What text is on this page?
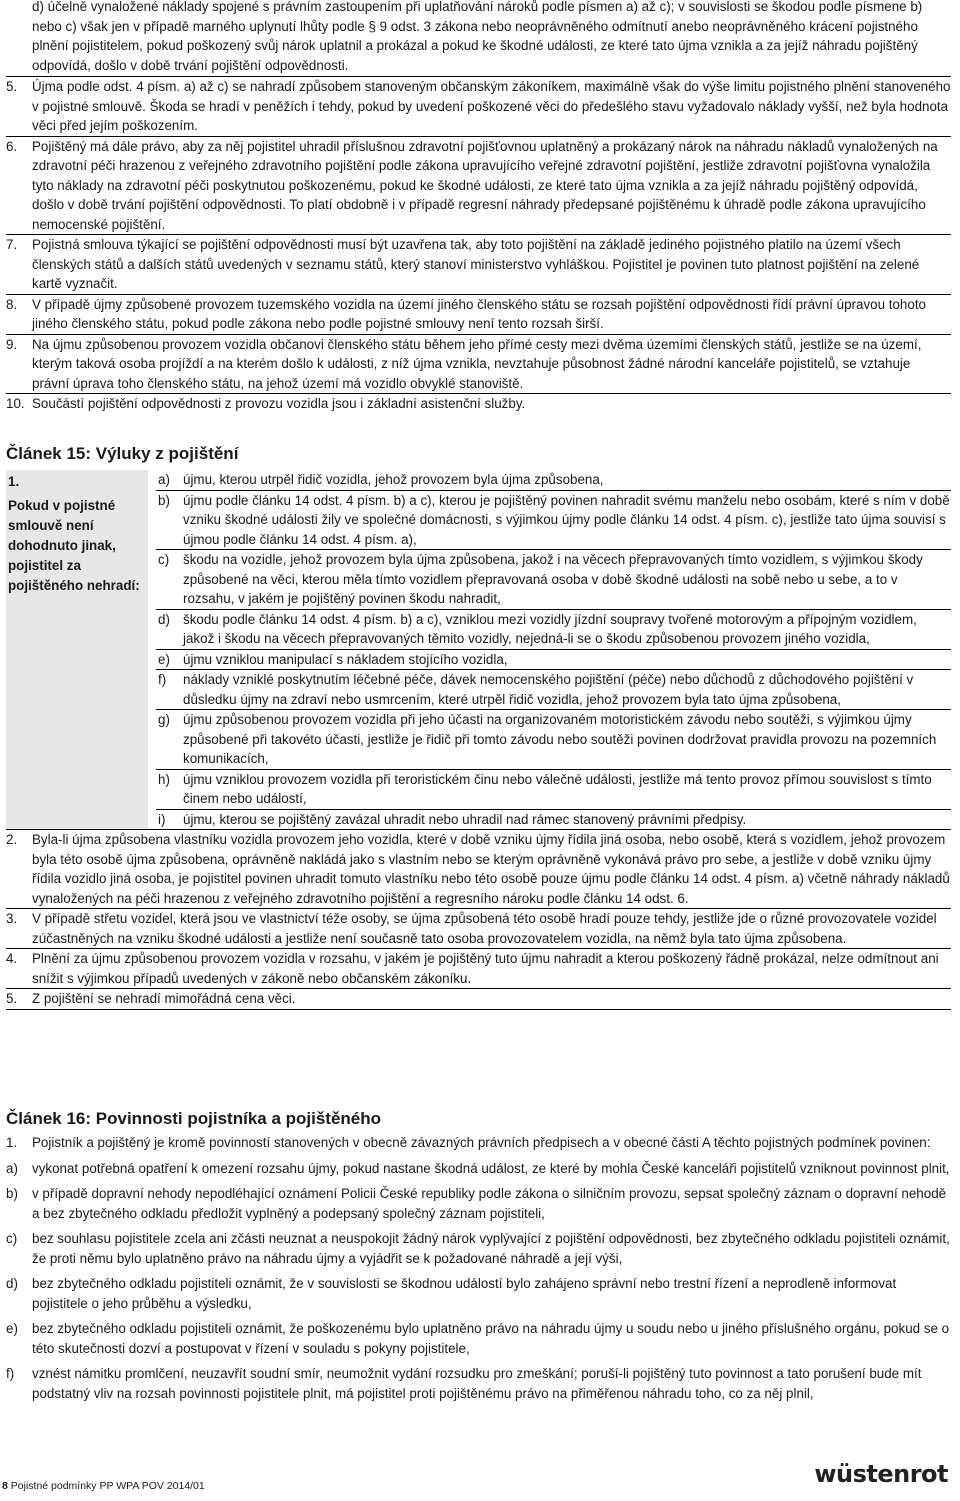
d) účelně vynaložené náklady spojené s právním zastoupením při uplatňování nároků podle písmen a) až c); v souvislosti se škodou podle písmene b) nebo c) však jen v případě marného uplynutí lhůty podle § 9 odst. 3 zákona nebo neoprávněného odmítnutí anebo neoprávněného krácení pojistného plnění pojistitelem, pokud poškozený svůj nárok uplatnil a prokázal a pokud ke škodné události, ze které tato újma vznikla a za jejíž náhradu pojištěný odpovídá, došlo v době trvání pojištění odpovědnosti.
5.	Újma podle odst. 4 písm. a) až c) se nahradí způsobem stanoveným občanským zákoníkem, maximálně však do výše limitu pojistného plnění stanoveného v pojistné smlouvě. Škoda se hradí v peněžích i tehdy, pokud by uvedení poškozené věci do předešlého stavu vyžadovalo náklady vyšší, než byla hodnota věci před jejím poškozením.
6.	Pojištěný má dále právo, aby za něj pojistitel uhradil příslušnou zdravotní pojišťovnou uplatněný a prokázaný nárok na náhradu nákladů vynaložených na zdravotní péči hrazenou z veřejného zdravotního pojištění podle zákona upravujícího veřejné zdravotní pojištění, jestliže zdravotní pojišťovna vynaložila tyto náklady na zdravotní péči poskytnutou poškozenému, pokud ke škodné události, ze které tato újma vznikla a za jejíž náhradu pojištěný odpovídá, došlo v době trvání pojištění odpovědnosti. To platí obdobně i v případě regresní náhrady předepsané pojištěnému k úhradě podle zákona upravujícího nemocenské pojištění.
7.	Pojistná smlouva týkající se pojištění odpovědnosti musí být uzavřena tak, aby toto pojištění na základě jediného pojistného platilo na území všech členských států a dalších států uvedených v seznamu států, který stanoví ministerstvo vyhláškou. Pojistitel je povinen tuto platnost pojištění na zelené kartě vyznačit.
8.	V případě újmy způsobené provozem tuzemského vozidla na území jiného členského státu se rozsah pojištění odpovědnosti řídí právní úpravou tohoto jiného členského státu, pokud podle zákona nebo podle pojistné smlouvy není tento rozsah širší.
9.	Na újmu způsobenou provozem vozidla občanovi členského státu během jeho přímé cesty mezi dvěma územími členských států, jestliže se na území, kterým taková osoba projíždí a na kterém došlo k události, z níž újma vznikla, nevztahuje působnost žádné národní kanceláře pojistitelů, se vztahuje právní úprava toho členského státu, na jehož území má vozidlo obvyklé stanoviště.
10. Součástí pojištění odpovědnosti z provozu vozidla jsou i základní asistenční služby.
Článek 15: Výluky z pojištění
1.
Pokud v pojistné smlouvě není dohodnuto jinak, pojistitel za pojištěného nehradí:
a) újmu, kterou utrpěl řidič vozidla, jehož provozem byla újma způsobena,
b) újmu podle článku 14 odst. 4 písm. b) a c), kterou je pojištěný povinen nahradit svému manželu nebo osobám, které s ním v době vzniku škodné události žily ve společné domácnosti, s výjimkou újmy podle článku 14 odst. 4 písm. c), jestliže tato újma souvisí s újmou podle článku 14 odst. 4 písm. a),
c)	škodu na vozidle, jehož provozem byla újma způsobena, jakož i na věcech přepravovaných tímto vozidlem, s výjimkou škody způsobené na věci, kterou měla tímto vozidlem přepravovaná osoba v době škodné události na sobě nebo u sebe, a to v rozsahu, v jakém je pojištěný povinen škodu nahradit,
d) škodu podle článku 14 odst. 4 písm. b) a c), vzniklou mezi vozidly jízdní soupravy tvořené motorovým a přípojným vozidlem, jakož i škodu na věcech přepravovaných těmito vozidly, nejedná-li se o škodu způsobenou provozem jiného vozidla,
e) újmu vzniklou manipulací s nákladem stojícího vozidla,
f)	náklady vzniklé poskytnutím léčebné péče, dávek nemocenského pojištění (péče) nebo důchodů z důchodového pojištění v důsledku újmy na zdraví nebo usmrcením, které utrpěl řidič vozidla, jehož provozem byla tato újma způsobena,
g) újmu způsobenou provozem vozidla při jeho účasti na organizovaném motoristickém závodu nebo soutěži, s výjimkou újmy způsobené při takovéto účasti, jestliže je řidič při tomto závodu nebo soutěži povinen dodržovat pravidla provozu na pozemních komunikacích,
h) újmu vzniklou provozem vozidla při teroristickém činu nebo válečné události, jestliže má tento provoz přímou souvislost s tímto činem nebo událostí,
i)	újmu, kterou se pojištěný zavázal uhradit nebo uhradil nad rámec stanovený právními předpisy.
2.	Byla-li újma způsobena vlastníku vozidla provozem jeho vozidla, které v době vzniku újmy řídila jiná osoba, nebo osobě, která s vozidlem, jehož provozem byla této osobě újma způsobena, oprávněně nakládá jako s vlastním nebo se kterým oprávněně vykonává právo pro sebe, a jestliže v době vzniku újmy řídila vozidlo jiná osoba, je pojistitel povinen uhradit tomuto vlastníku nebo této osobě pouze újmu podle článku 14 odst. 4 písm. a) včetně náhrady nákladů vynaložených na péči hrazenou z veřejného zdravotního pojištění a regresního nároku podle článku 14 odst. 6.
3.	V případě střetu vozidel, která jsou ve vlastnictví téže osoby, se újma způsobená této osobě hradí pouze tehdy, jestliže jde o různé provozovatele vozidel zúčastněných na vzniku škodné události a jestliže není současně tato osoba provozovatelem vozidla, na němž byla tato újma způsobena.
4.	Plnění za újmu způsobenou provozem vozidla v rozsahu, v jakém je pojištěný tuto újmu nahradit a kterou poškozený řádně prokázal, nelze odmítnout ani snížit s výjimkou případů uvedených v zákoně nebo občanském zákoníku.
5.	Z pojištění se nehradí mimořádná cena věci.
Článek 16: Povinnosti pojistníka a pojištěného
1.	Pojistník a pojištěný je kromě povinností stanovených v obecně závazných právních předpisech a v obecné části A těchto pojistných podmínek povinen:
a)	vykonat potřebná opatření k omezení rozsahu újmy, pokud nastane škodná událost, ze které by mohla České kanceláři pojistitelů vzniknout povinnost plnit,
b)	v případě dopravní nehody nepodléhající oznámení Policii České republiky podle zákona o silničním provozu, sepsat společný záznam o dopravní nehodě a bez zbytečného odkladu předložit vyplněný a podepsaný společný záznam pojistiteli,
c)	bez souhlasu pojistitele zcela ani zčásti neuznat a neuspokojit žádný nárok vyplývající z pojištění odpovědnosti, bez zbytečného odkladu pojistiteli oznámit, že proti němu bylo uplatněno právo na náhradu újmy a vyjádřit se k požadované náhradě a její výši,
d)	bez zbytečného odkladu pojistiteli oznámit, že v souvislosti se škodnou událostí bylo zahájeno správní nebo trestní řízení a neprodleně informovat pojistitele o jeho průběhu a výsledku,
e)	bez zbytečného odkladu pojistiteli oznámit, že poškozenému bylo uplatněno právo na náhradu újmy u soudu nebo u jiného příslušného orgánu, pokud se o této skutečnosti dozví a postupovat v řízení v souladu s pokyny pojistitele,
f)	vznést námitku promlčení, neuzavřít soudní smír, neumožnit vydání rozsudku pro zmeškání; poruší-li pojištěný tuto povinnost a tato porušení bude mít podstatný vliv na rozsah povinnosti pojistitele plnit, má pojistitel proti pojištěnému právo na přiměřenou náhradu toho, co za něj plnil,
8 Pojistné podmínky PP WPA POV 2014/01	wüstenrot
